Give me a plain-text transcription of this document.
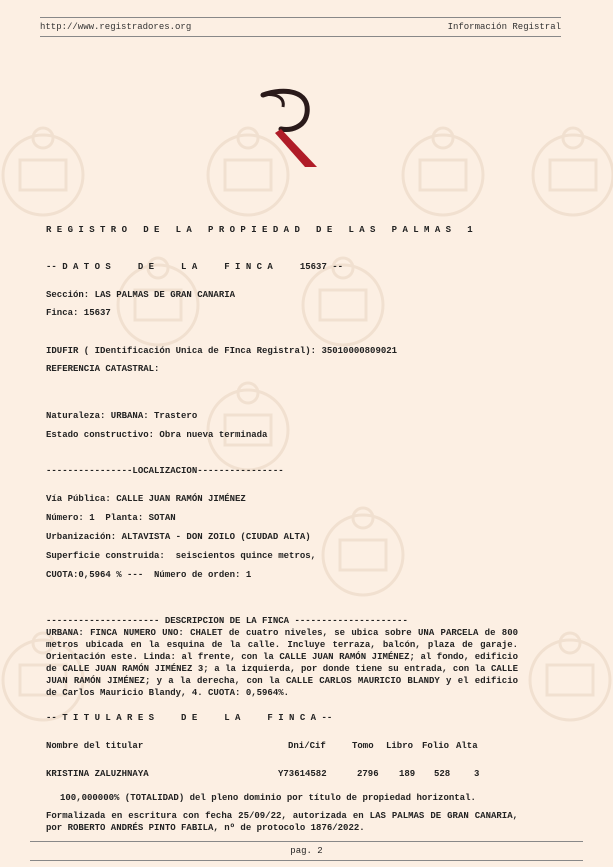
http://www.registradores.org	Información Registral
R E G I S T R O   D E   L A   P R O P I E D A D   D E   L A S   P A L M A S   1
-- D A T O S     D E     L A     F I N C A     15637 --
Sección: LAS PALMAS DE GRAN CANARIA
Finca: 15637
IDUFIR ( IDentificación Unica de FInca Registral): 35010000809021
REFERENCIA CATASTRAL:
Naturaleza: URBANA: Trastero
Estado constructivo: Obra nueva terminada
----------------LOCALIZACION----------------
Vía Pública: CALLE JUAN RAMÓN JIMÉNEZ
Número: 1  Planta: SOTAN
Urbanización: ALTAVISTA - DON ZOILO (CIUDAD ALTA)
Superficie construida:  seiscientos quince metros,
CUOTA:0,5964 % ---  Número de orden: 1
--------------------- DESCRIPCION DE LA FINCA ---------------------
URBANA: FINCA NUMERO UNO: CHALET de cuatro niveles, se ubica sobre UNA PARCELA de 800 metros ubicada en la esquina de la calle. Incluye terraza, balcón, plaza de garaje. Orientación este. Linda: al frente, con la CALLE JUAN RAMÓN JIMÉNEZ; al fondo, edificio de CALLE JUAN RAMÓN JIMÉNEZ 3; a la izquierda, por donde tiene su entrada, con la CALLE JUAN RAMÓN JIMÉNEZ; y a la derecha, con la CALLE CARLOS MAURICIO BLANDY y el edificio de Carlos Mauricio Blandy, 4. CUOTA: 0,5964%.
-- T I T U L A R E S     D E     L A     F I N C A --
Nombre del titular	Dni/Cif	Tomo Libro Folio Alta
KRISTINA ZALUZHNAYA	Y73614582	2796 189 528	3
100,000000% (TOTALIDAD) del pleno dominio por título de propiedad horizontal.
Formalizada en escritura con fecha 25/09/22, autorizada en LAS PALMAS DE GRAN CANARIA, por ROBERTO ANDRÉS PINTO FABILA, nº de protocolo 1876/2022.
pag. 2
